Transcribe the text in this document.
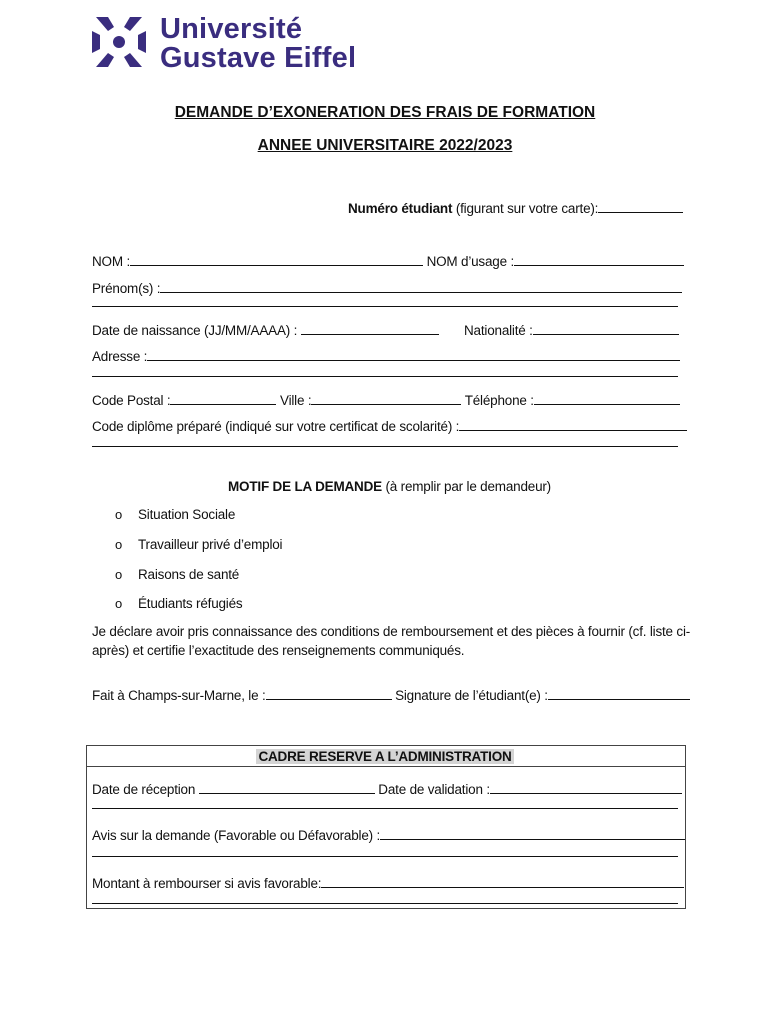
Université
Gustave Eiffel
DEMANDE D’EXONERATION DES FRAIS DE FORMATION
ANNEE UNIVERSITAIRE 2022/2023
Numéro étudiant (figurant sur votre carte):
NOM :	NOM d’usage :
Prénom(s) :
Date de naissance (JJ/MM/AAAA) :	Nationalité :
Adresse :
Code Postal :	Ville :	Téléphone :
Code diplôme préparé (indiqué sur votre certificat de scolarité) :
MOTIF DE LA DEMANDE (à remplir par le demandeur)
o Situation Sociale
o Travailleur privé d’emploi
o Raisons de santé
o Étudiants réfugiés
Je déclare avoir pris connaissance des conditions de remboursement et des pièces à fournir (cf. liste ci-
après) et certifie l’exactitude des renseignements communiqués.
Fait à Champs-sur-Marne, le :	Signature de l’étudiant(e) :
CADRE RESERVE A L’ADMINISTRATION
Date de réception	Date de validation :
Avis sur la demande (Favorable ou Défavorable) :
Montant à rembourser si avis favorable:
